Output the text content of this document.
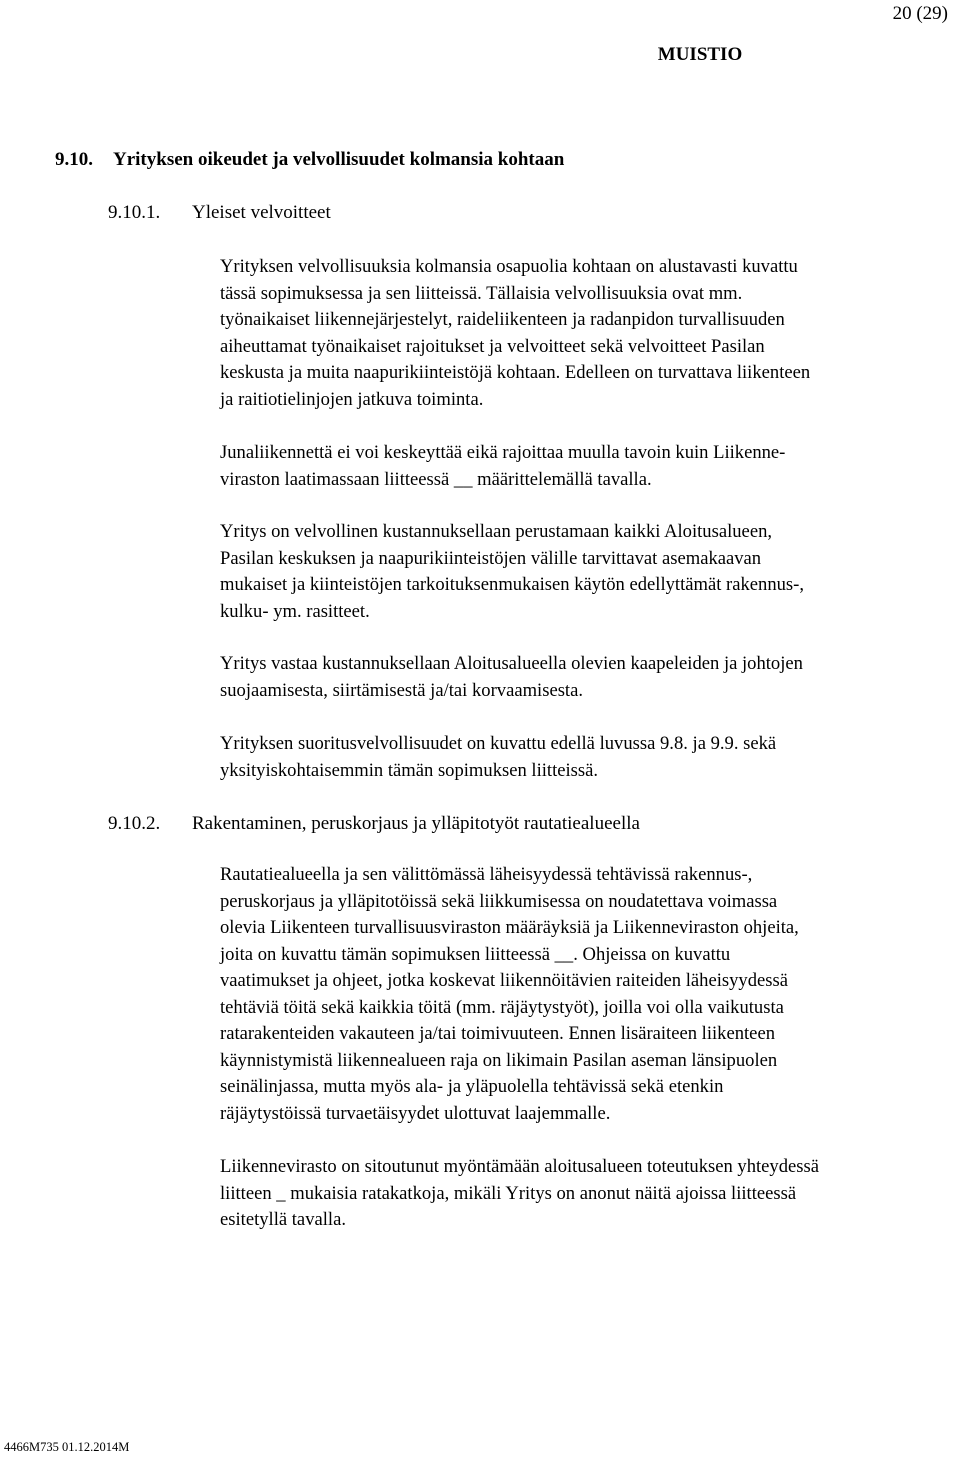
20 (29)
MUISTIO
9.10. Yrityksen oikeudet ja velvollisuudet kolmansia kohtaan
9.10.1. Yleiset velvoitteet
Yrityksen velvollisuuksia kolmansia osapuolia kohtaan on alustavasti kuvattu
tässä sopimuksessa ja sen liitteissä. Tällaisia velvollisuuksia ovat mm.
työnaikaiset liikennejärjestelyt, raideliikenteen ja radanpidon turvallisuuden
aiheuttamat työnaikaiset rajoitukset ja velvoitteet sekä velvoitteet Pasilan
keskusta ja muita naapurikiinteistöjä kohtaan. Edelleen on turvattava liikenteen
ja raitiotielinjojen jatkuva toiminta.
Junaliikennettä ei voi keskeyttää eikä rajoittaa muulla tavoin kuin Liikenne-
viraston laatimassaan liitteessä __ määrittelemällä tavalla.
Yritys on velvollinen kustannuksellaan perustamaan kaikki Aloitusalueen,
Pasilan keskuksen ja naapurikiinteistöjen välille tarvittavat asemakaavan
mukaiset ja kiinteistöjen tarkoituksenmukaisen käytön edellyttämät rakennus-,
kulku- ym. rasitteet.
Yritys vastaa kustannuksellaan Aloitusalueella olevien kaapeleiden ja johtojen
suojaamisesta, siirtämisestä ja/tai korvaamisesta.
Yrityksen suoritusvelvollisuudet on kuvattu edellä luvussa 9.8. ja 9.9. sekä
yksityiskohtaisemmin tämän sopimuksen liitteissä.
9.10.2. Rakentaminen, peruskorjaus ja ylläpitotyöt rautatiealueella
Rautatiealueella ja sen välittömässä läheisyydessä tehtävissä rakennus-,
peruskorjaus ja ylläpitotöissä sekä liikkumisessa on noudatettava voimassa
olevia Liikenteen turvallisuusviraston määräyksiä ja Liikenneviraston ohjeita,
joita on kuvattu tämän sopimuksen liitteessä __. Ohjeissa on kuvattu
vaatimukset ja ohjeet, jotka koskevat liikennöitävien raiteiden läheisyydessä
tehtäviä töitä sekä kaikkia töitä (mm. räjäytystyöt), joilla voi olla vaikutusta
ratarakenteiden vakauteen ja/tai toimivuuteen. Ennen lisäraiteen liikenteen
käynnistymistä liikennealueen raja on likimain Pasilan aseman länsipuolen
seinälinjassa, mutta myös ala- ja yläpuolella tehtävissä sekä etenkin
räjäytystöissä turvaetäisyydet ulottuvat laajemmalle.
Liikennevirasto on sitoutunut myöntämään aloitusalueen toteutuksen yhteydessä
liitteen _ mukaisia ratakatkoja, mikäli Yritys on anonut näitä ajoissa liitteessä
esitetyllä tavalla.
4466M735 01.12.2014M
